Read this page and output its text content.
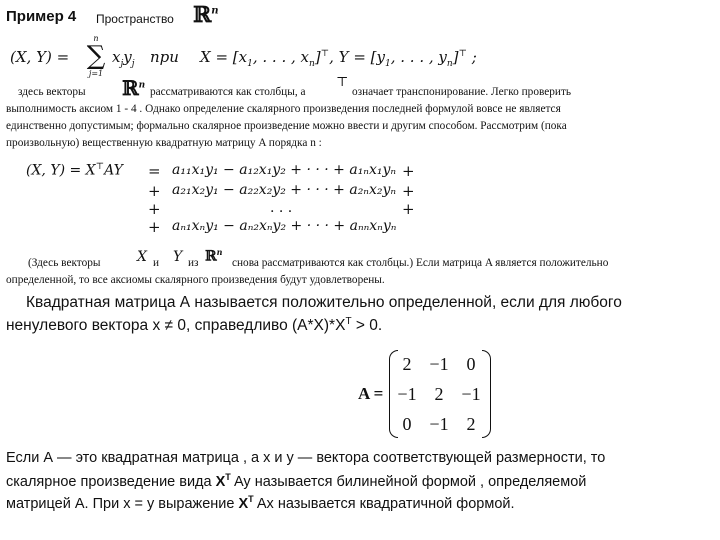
Пример 4 Пространство ℝ$^n$
(X, Y) =
n
∑
j=1
$x_jy_j$ при $X = [x_1$, . . . , $x_n]^⊤$, $Y = [y_1$, . . . , $y_n]^⊤$ ;
здесь векторы ℝ$^n$
рассматриваются как столбцы, а
⊤
означает транспонирование. Легко проверить
выполнимость аксиом 1 - 4 . Однако определение скалярного произведения последней формулой вовсе не является
единственно допустимым; формально скалярное произведение можно ввести и другим способом. Рассмотрим (пока
произвольную) вещественную квадратную матрицу A порядка n :
(X, Y) = X⊤AY = a₁₁x₁y₁ − a₁₂x₁y₂ + · · · + a₁ₙx₁yₙ +
+ a₂₁x₂y₁ − a₂₂x₂y₂ + · · · + a₂ₙx₂yₙ +
+	. . .	+
+ aₙ₁xₙy₁ − aₙ₂xₙy₂ + · · · + aₙₙxₙyₙ
(Здесь векторы	X и Y из ℝ$^n$
снова рассматриваются как столбцы.) Если матрица A является положительно
определенной, то все аксиомы скалярного произведения будут удовлетворены.
Квадратная матрица А называется положительно определенной, если для любого
ненулевого вектора х ≠ 0, справедливо $(А*Х)*Х^T > 0$.
A =
2 −1 0
−1 2 −1
0 −1 2
Если А — это квадратная матрица , а х и у — вектора соответствующей размерности, то
скалярное произведение вида $X^T$ Ay называется билинейной формой , определяемой
матрицей А. При х = у выражение $X^T$ Ax называется квадратичной формой.
